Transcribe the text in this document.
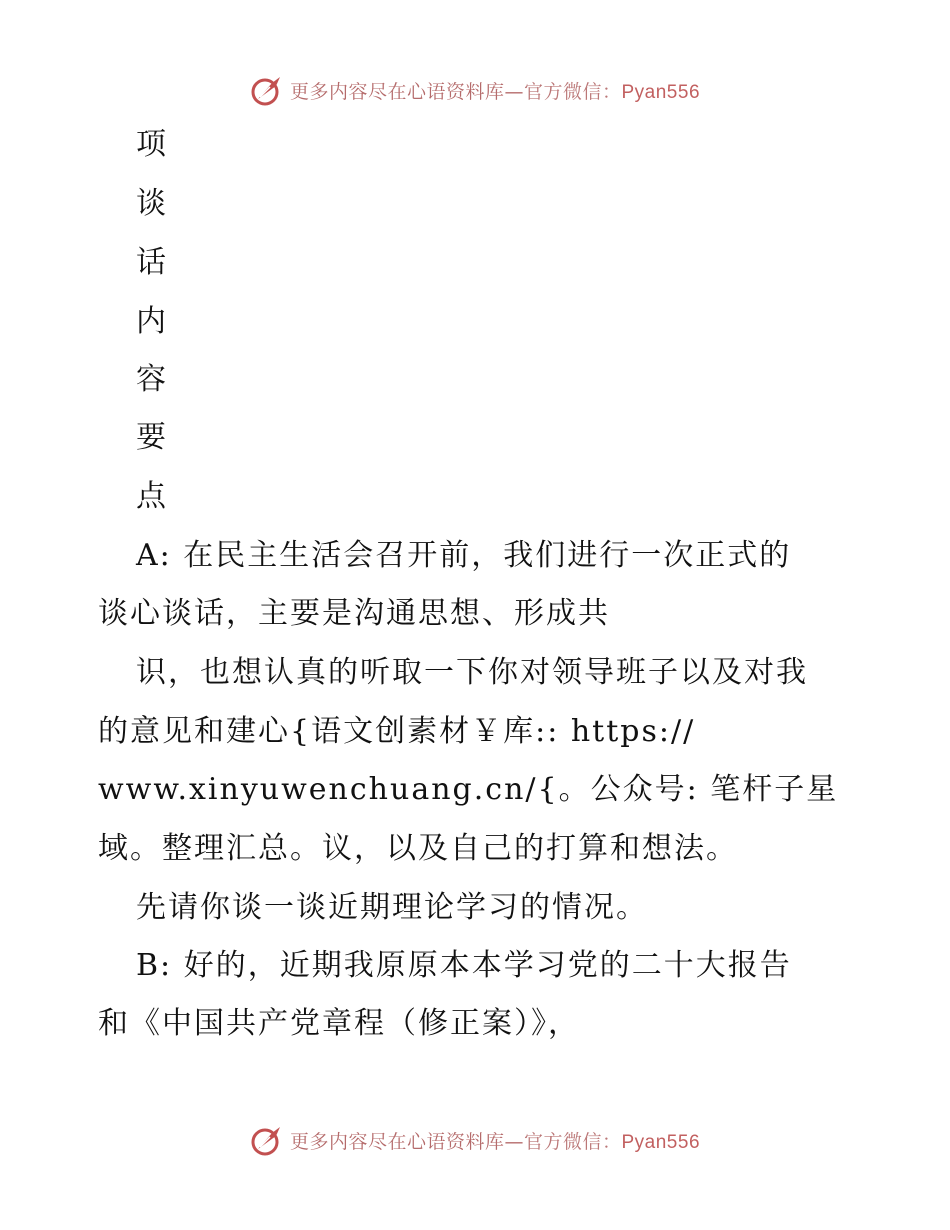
更多内容尽在心语资料库—官方微信：Pyan556
项
谈
话
内
容
要
点
A: 在民主生活会召开前，我们进行一次正式的
谈心谈话，主要是沟通思想、形成共
识，也想认真的听取一下你对领导班子以及对我
的意见和建心{语文创素材￥库:: https://
www.xinyuwenchuang.cn/{。公众号: 笔杆子星
域。整理汇总。议，以及自己的打算和想法。
先请你谈一谈近期理论学习的情况。
B: 好的，近期我原原本本学习党的二十大报告
和《中国共产党章程（修正案）》，
更多内容尽在心语资料库—官方微信：Pyan556
